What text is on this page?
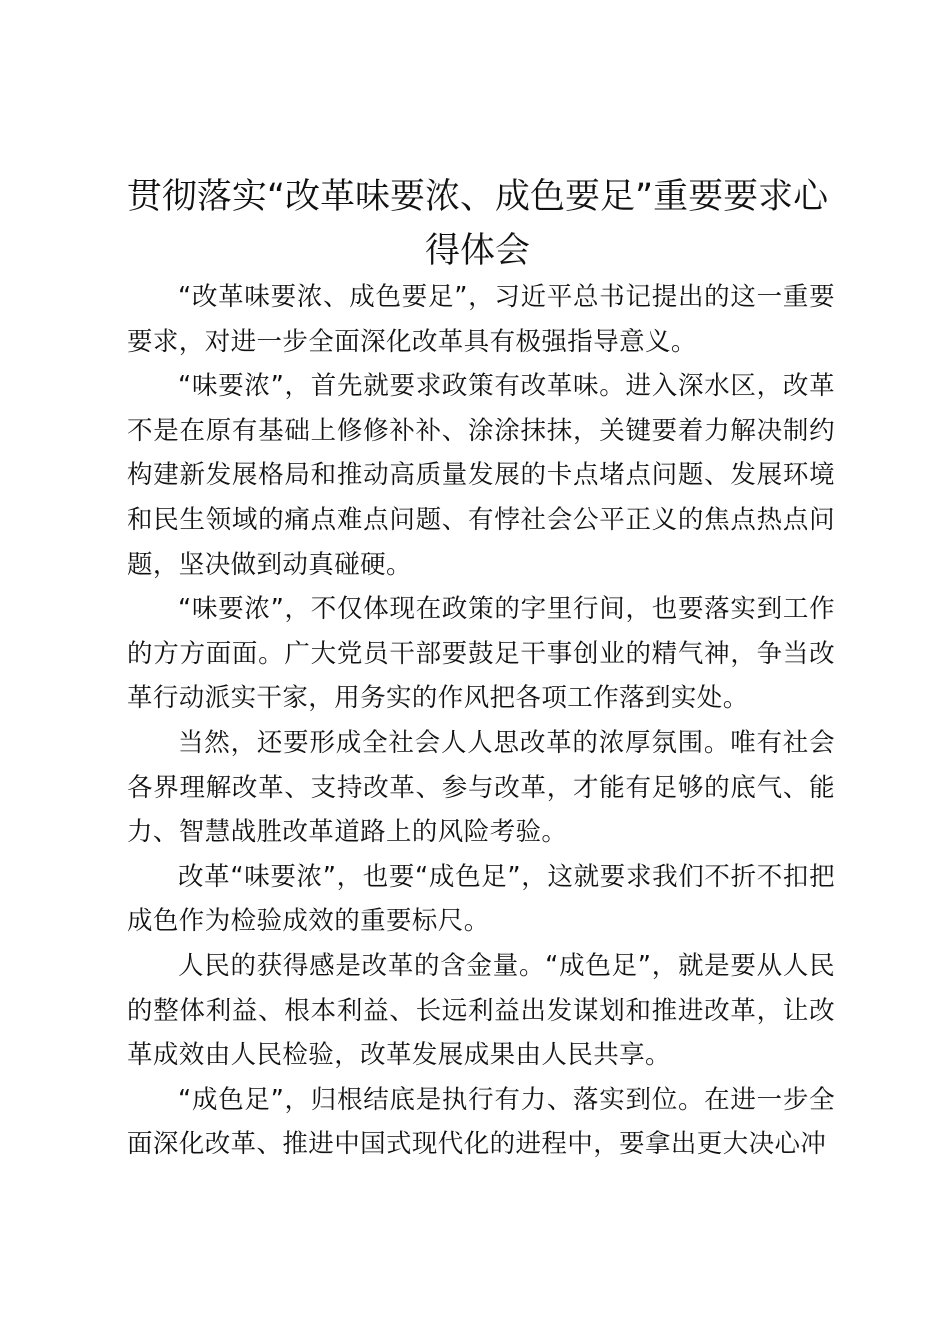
贯彻落实“改革味要浓、成色要足”重要要求心得体会

“改革味要浓、成色要足”，习近平总书记提出的这一重要要求，对进一步全面深化改革具有极强指导意义。

“味要浓”，首先就要求政策有改革味。进入深水区，改革不是在原有基础上修修补补、涂涂抹抹，关键要着力解决制约构建新发展格局和推动高质量发展的卡点堵点问题、发展环境和民生领域的痛点难点问题、有悖社会公平正义的焦点热点问题，坚决做到动真碰硬。

“味要浓”，不仅体现在政策的字里行间，也要落实到工作的方方面面。广大党员干部要鼓足干事创业的精气神，争当改革行动派实干家，用务实的作风把各项工作落到实处。

当然，还要形成全社会人人思改革的浓厚氛围。唯有社会各界理解改革、支持改革、参与改革，才能有足够的底气、能力、智慧战胜改革道路上的风险考验。

改革“味要浓”，也要“成色足”，这就要求我们不折不扣把成色作为检验成效的重要标尺。

人民的获得感是改革的含金量。“成色足”，就是要从人民的整体利益、根本利益、长远利益出发谋划和推进改革，让改革成效由人民检验，改革发展成果由人民共享。

“成色足”，归根结底是执行有力、落实到位。在进一步全面深化改革、推进中国式现代化的进程中，要拿出更大决心冲
